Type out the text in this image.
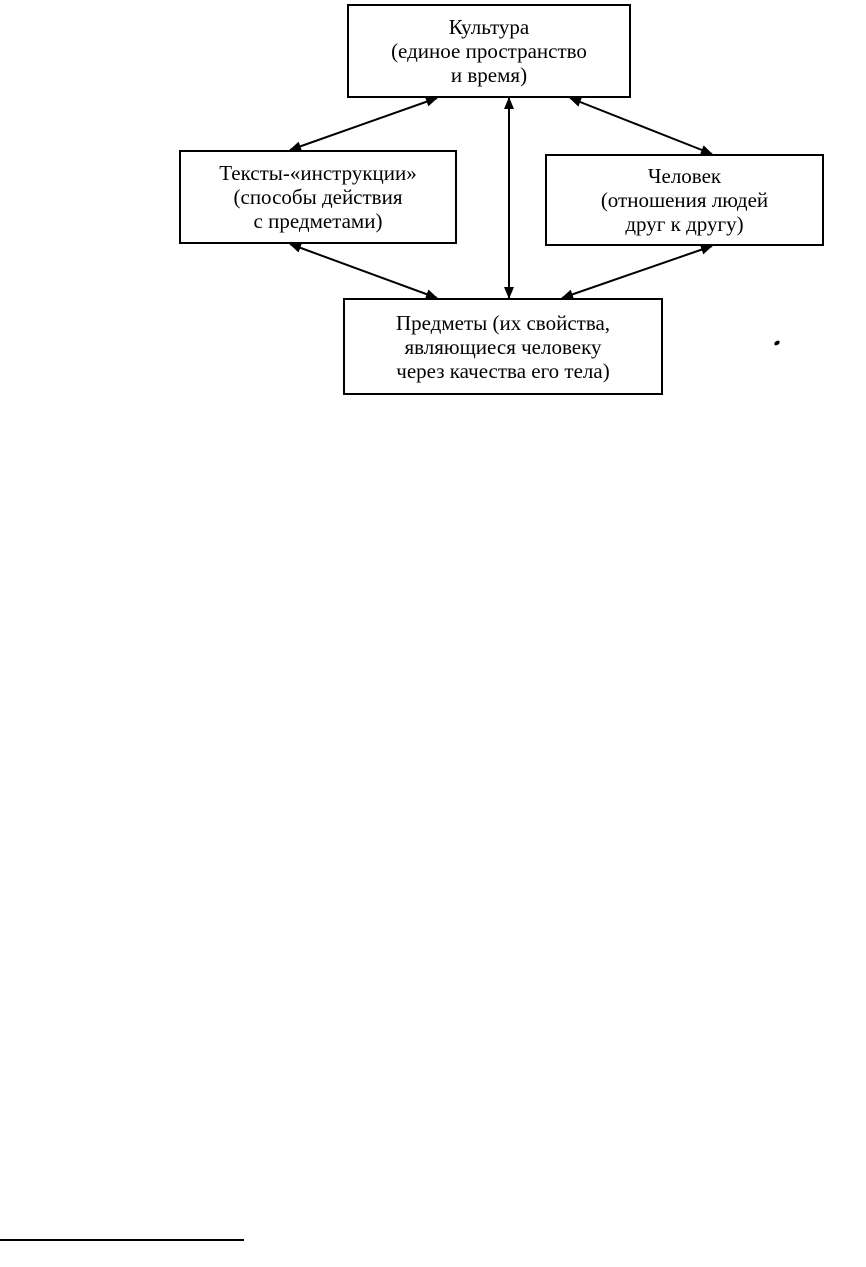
Культура
(единое пространство
и время)
Тексты-«инструкции»
(способы действия
с предметами)
Человек
(отношения людей
друг к другу)
Предметы (их свойства,
являющиеся человеку
через качества его тела)
